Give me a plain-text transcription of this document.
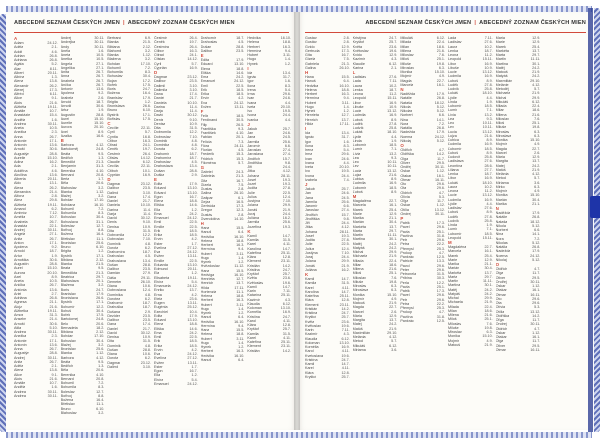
ABECEDNÍ SEZNAM ČESKÝCH JMEN | ABECEDNÝ ZOZNAM ČESKÝCH MIEN
A
Adam	24.12.
Adéla	2.1.
Adolf	4.6.
Adrian	26.8.
Adriana	26.8.
Agáta	5.2.
Alan	8.11.
Albert	20.11.
Albína	1.3.
Alena	13.8.
Alexandr	26.2.
Alexej	17.3.
Alfréd	6.11.
Alice	9.1.
Alois	21.6.
Alžběta	19.11.
Amálie	10.7.
Anastázie	15.4.
Anděla	1.6.
Andrea	30.11.
Aneta	10.5.
Anežka	2.3.
Anna	26.7.
Antonie	17.1.
Antonín	13.6.
Arnošt	30.6.
Augustýn	28.8.
Aurelie	15.10.
Adina	16.2.
Ada	2.1.
Adolfína	4.6.
Akvilina	13.6.
Alberta	20.11.
Aldo	13.1.
Alexa	26.2.
Alexandra	21.4.
Alfonz	2.8.
Alma	29.8.
Alžbeta	19.11.
Amand	6.2.
Ambróz	7.12.
Amélia	10.7.
Anabela	26.7.
Anastáz	22.1.
Andrej	30.11.
Angela	27.1.
Anita	26.7.
Anton	17.1.
Apolena	9.2.
Arnold	18.7.
Artur	1.9.
Arnoštka	30.6.
Augustín	28.8.
Aurel	15.10.
Aurora	20.10.
Axel	8.9.
Aneta	10.5.
Anička	26.7.
Antónia	13.6.
Ariel	2.7.
Adriána	26.8.
Agnesa	21.1.
Alojz	21.6.
Alžbetka	19.11.
Amos	31.3.
Anselm	21.4.
Arnošt	30.6.
Atila	5.10.
Andrea	30.11.
Anežka	2.3.
Antonie	17.1.
Antonín	13.6.
Anna	26.7.
Augustýn	28.8.
Andrej	30.11.
Anita	26.7.
Adéla	2.1.
Alena	13.8.
Alice	9.1.
Alois	21.6.
Amálie	10.7.
Anděla	1.6.
Andrea	30.11.
Andrea	30.11.
Andrej	30.11.
Andrejka	30.11.
Andy	30.11.
Anéla	1.6.
Aneta	10.5.
Anetka	10.5.
Angela	27.1.
Angelika	27.1.
Anita	26.7.
Anna	26.7.
Anabela	26.7.
Ančka	26.7.
Antonín	13.6.
Apolena	9.2.
Arabela	2.6.
Arnold	18.7.
Arnošt	30.6.
Artur	1.9.
Augustín	28.8.
Aurel	15.10.
Aurelie	15.10.
Aurora	20.10.
Axel	8.9.
Azalka	16.6.
B
Barbora	4.12.
Bartoloměj	24.8.
Beáta	9.5.
Bedřich	1.3.
Benedikt	21.3.
Benjamín	31.3.
Berenika	4.10.
Bernard	20.8.
Berta	1.7.
Běla	20.6.
Blahoslav	3.2.
Blanka	1.12.
Blažej	3.2.
Bohdan	17.10.
Bohdana	16.10.
Bohumil	7.2.
Bohumila	8.3.
Bohuslav	30.4.
Bohuslava	31.1.
Boleslav	12.7.
Bořivoj	8.8.
Božena	16.4.
Břetislav	11.1.
Bronislav	25.6.
Bruno	6.10.
Brigita	1.2.
Bystrík	17.1.
Bibiána	2.12.
Bianka	21.5.
Beata	9.5.
Benedikta	21.3.
Beatrica	29.7.
Blahoslava	20.1.
Blažena	3.2.
Boris	24.7.
Branislav	17.9.
Bronislava	26.6.
Bystrík	17.1.
Bohumír	12.2.
Bohuš	30.4.
Bořek	17.5.
Bartolomej	24.8.
Belo	20.6.
Bernadeta	18.2.
Bibiána	2.12.
Bohdan	17.10.
Bohuslav	30.4.
Blažej	3.2.
Bronislav	25.6.
Blanka	1.12.
Barbora	4.12.
Beáta	9.5.
Bedřich	1.3.
Běla	20.6.
Berenika	4.10.
Bernard	20.8.
Bohumil	7.2.
Bohumila	8.3.
Boleslav	12.7.
Bořivoj	8.8.
Božena	16.4.
Břetislav	11.1.
Bruno	6.10.
Blahoslav	3.2.
Bertrand	6.9.
Bianka	21.5.
Bibiana	2.12.
Blahomil	3.2.
Blanka	1.12.
Blažena	3.2.
Bohdan	17.10.
Bohumil	7.2.
Bohumila	8.3.
Bohuslav	30.4.
Bojan	17.2.
Bořek	17.5.
Boris	24.7.
Božena	16.4.
Branislav	17.9.
Brigita	1.2.
Bronislava	26.6.
Bruno	6.10.
Bystrík	17.1.
Bořislav	17.5.
C
Cecílie	22.11.
Cyril	5.7.
Cyntia	16.8.
Ctibor	16.3.
Ctirad	24.1.
Čeněk	19.7.
Čestmír	26.4.
Ctislav	14.12.
Claudie	6.12.
Cecília	22.11.
Ctiboh	10.1.
Cyprián	16.9.
D
Dagmar	23.12.
Dalibor	23.5.
Dalimil	3.10.
Dana	17.4.
Daniel	21.7.
Daniela	10.10.
Darina	11.4.
Darja	11.4.
David	30.12.
Denis	9.10.
Denisa	10.9.
Dita	31.5.
Dobromila	12.2.
Dobroslav	7.10.
Dominik	4.8.
Dorota	6.2.
Drahomíra	18.7.
Drahoslav	4.5.
Drahoslava	13.4.
Dušan	28.8.
Dalibor	23.5.
Damián	27.9.
Dáša	29.11.
Demeter	26.10.
Diana	10.6.
Dobroslava	12.4.
Dominika	4.8.
Dorotea	6.2.
Drahomír	18.7.
Drahuška	18.7.
Dušana	2.9.
Dezider	23.5.
Dalibor	23.5.
Dana	17.4.
Daniel	21.7.
David	30.12.
Denisa	10.9.
Dita	31.5.
Dominik	4.8.
Dušan	28.8.
Diana	10.6.
Dorota	6.2.
Dagmar	23.12.
Dalimil	3.10.
Čestmír	26.4.
Čeněk	19.7.
Čestmíra	26.4.
Ctibor	16.3.
Ctirad	24.1.
Ctislav	14.12.
Cyril	5.7.
Cyprián	16.9.
D
Dagmar	23.12.
Dalibor	23.5.
Dalimil	3.10.
Dalimila	3.10.
Dana	17.4.
Daniel	21.7.
Daniela	10.10.
Darina	11.4.
Darja	11.4.
David	30.12.
Denis	9.10.
Denisa	10.9.
Dita	31.5.
Dobromila	12.2.
Dobroslav	7.10.
Dominik	4.8.
Dominika	4.8.
Dorota	6.2.
Drahomír	18.7.
Drahomíra	18.7.
Drahoslav	4.5.
Drahoslava	13.4.
Dušan	28.8.
Duška	2.9.
E
Edita	17.9.
Eduard	13.10.
Edvard	13.10.
Egon	16.7.
Elena	18.8.
Eliška	14.6.
Ella	1.2.
Ema	24.2.
Emanuel	24.12.
Emil	22.5.
Emílie	22.5.
Erik	18.5.
Erika	18.5.
Ervín	4.2.
Ester	1.7.
Evelína	27.12.
Eva	24.12.
Evžen	13.11.
Emílie	22.5.
Eduarda	13.10.
Edmund	20.11.
Ela	1.2.
Elisabeta	19.11.
Elvíra	5.4.
Emanuela	24.12.
Enriko	13.7.
Erna	4.2.
Etela	23.6.
Eugen	13.11.
Eugénia	25.12.
Ezechiel	10.4.
Edita	17.9.
Eduard	13.10.
Elena	18.8.
Eliška	14.6.
Ema	24.2.
Emil	22.5.
Erik	18.5.
Erika	18.5.
Ervín	4.2.
Eva	24.12.
Evelína	27.12.
Evžen	13.11.
Ester	1.7.
Egon	16.7.
Ella	1.2.
Elvíra	5.4.
Emanuel	24.12.
Drahomír	18.7.
Drahoslav	4.5.
Dušan	28.8.
Dalibor	23.5.
E
Edita	17.9.
Eduard	13.10.
Elena	18.8.
Eliška	14.6.
Ema	24.2.
Emanuel	24.12.
Emil	22.5.
Erik	18.5.
Erika	18.5.
Ervín	4.2.
Eva	24.12.
Evžen	13.11.
F
Felix	18.5.
Ferdinand	30.5.
Filip	26.5.
Františka	9.3.
František	4.10.
Fabián	20.1.
Felícia	7.3.
Flóra	24.11.
Florián	4.5.
Frederik	15.3.
Fridrich	15.3.
Filoména	5.7.
G
Gabriel	24.3.
Gabriela	21.3.
Gita	16.7.
Gizela	7.5.
Gustav	2.8.
Galina	26.10.
Gašpar	6.1.
Gejza	16.5.
Gertrúda	17.3.
Gregor	12.3.
Gustáv	2.8.
Gvendolína	14.10.
H
Hana	15.5.
Hanuš	6.4.
Hedvika	16.10.
Helena	18.8.
Herbert	16.3.
Hermína	9.4.
Hubert	3.11.
Hugo	1.4.
Hynek	1.2.
Hvězdoslav	11.12.
Hana	15.5.
Hedviga	16.10.
Henrieta	12.7.
Henrich	13.7.
Hilda	17.11.
Hortenzia	11.1.
Helena	18.8.
Herbert	16.3.
Hubert	3.11.
Hugo	1.4.
Hynek	1.2.
Hanuš	6.4.
Hedvika	16.10.
Hermína	9.4.
Hana	15.5.
Helena	18.8.
Hubert	3.11.
Hugo	1.4.
Hynek	1.2.
Herbert	16.3.
Hedvika	16.10.
Hanuš	6.4.
Hedvika	16.10.
Helena	18.8.
Herbert	16.3.
Hermína	9.4.
Hubert	3.11.
Hugo	1.4.
Hynek	1.2.
I
Ida	13.4.
Ignác	31.7.
Igor	1.6.
Ilona	8.3.
Irena	5.4.
Irma	29.6.
Ivan	24.6.
Ivana	4.4.
Iveta	20.10.
Ivo	19.5.
Ivona	24.4.
Ivanka	4.4.
J
Jakub	25.7.
Jan	24.6.
Jana	24.5.
Jarmila	25.6.
Jaromír	6.6.
Jaroslav	27.4.
Jaroslava	27.4.
Jindřich	15.7.
Jindřiška	9.8.
Jiří	24.4.
Jitka	4.12.
Johana	28.11.
Josef	19.3.
Jozef	19.3.
Judita	27.8.
Julie	22.5.
Julius	12.4.
Justýna	7.10.
Jolana	29.9.
Jonáš	21.9.
Juraj	24.4.
Juliána	16.2.
Jarmila	25.6.
Jozefína	19.3.
K
Kamil	14.7.
Kamila	31.5.
Karel	4.11.
Karolína	14.7.
Kateřina	25.11.
Klára	12.8.
Klement	23.11.
Kristián	14.2.
Kristina	24.7.
Kryštof	25.7.
Květa	23.6.
Květoslav	19.6.
Kamil	14.7.
Karin	7.11.
Katarína	25.11.
Kazimír	4.3.
Klaudia	6.12.
Koloman	13.10.
Kornélia	16.9.
Kristína	24.7.
Karol	4.11.
Klára	12.8.
Kryštof	25.7.
Kamila	31.5.
Karel	4.11.
Kateřina	25.11.
Klement	23.11.
Kristián	14.2.
ABECEDNÍ SEZNAM ČESKÝCH JMEN | ABECEDNÝ ZOZNAM ČESKÝCH MIEN
Gustav	2.8.
Gustáv	2.8.
Gvido	12.9.
Gertruda	17.3.
Gita	16.7.
Gizela	7.5.
Gabriela	21.3.
Galina	26.10.
H
Hana	15.5.
Hanuš	6.4.
Hedvika	16.10.
Helena	18.8.
Herbert	16.3.
Hermína	9.4.
Hubert	3.11.
Hugo	1.4.
Hynek	1.2.
Henrieta	12.7.
Henrich	13.7.
Hilda	17.11.
I
Ida	13.4.
Ignác	31.7.
Igor	1.6.
Ilona	8.3.
Irena	5.4.
Irma	29.6.
Ivan	24.6.
Ivana	4.4.
Iveta	20.10.
Ivo	19.5.
Ivona	24.4.
Izabela	7.4.
J
Jakub	25.7.
Jan	24.6.
Jana	24.5.
Jarmila	25.6.
Jaromír	6.6.
Jaroslav	27.4.
Jindřich	15.7.
Jindřiška	9.8.
Jiří	24.4.
Jitka	4.12.
Johana	28.11.
Josef	19.3.
Judita	27.8.
Julie	22.5.
Julius	12.4.
Justýna	7.10.
Juraj	24.4.
Jolana	29.9.
Jonáš	21.9.
Juliána	16.2.
K
Kamil	14.7.
Kamila	31.5.
Karel	4.11.
Karolína	14.7.
Kateřina	25.11.
Klára	12.8.
Klement	23.11.
Kristián	14.2.
Kristina	24.7.
Kryštof	25.7.
Květa	23.6.
Květoslav	19.6.
Karin	7.11.
Kazimír	4.3.
Klaudia	6.12.
Koloman	13.10.
Kornélia	16.9.
Karol	4.11.
Kvetoslava	19.6.
Kristína	24.7.
Kamil	14.7.
Karel	4.11.
Klára	12.8.
Kryštof	25.7.
Kristýna	24.7.
Kryštof	25.7.
Květa	23.6.
Květoslav	19.6.
Kvido	12.9.
Kazimír	4.3.
Klaudie	6.12.
Karina	2.1.
L
Ladislav	27.6.
Lada	7.11.
Laura	10.2.
Lenka	18.7.
Leona	11.2.
Leopold	15.11.
Libor	16.9.
Libuše	10.9.
Lucie	13.12.
Ludmila	16.9.
Luboš	8.9.
Luděk	27.8.
Ludvík	25.8.
Lukáš	18.10.
Lýdie	4.4.
Linda	1.9.
Lubomír	18.5.
Lumír	7.1.
Lívia	13.2.
Lea	9.3.
Leo	10.11.
Lev	10.11.
Lucia	13.12.
Lujza	21.6.
Ľubica	8.9.
Ľudmila	16.9.
Ľubomír	18.5.
Ľuboš	8.9.
M
Magdaléna	22.7.
Marcela	16.1.
Marek	25.4.
Marie	12.9.
Marika	21.1.
Marián	30.4.
Markéta	13.7.
Marta	29.7.
Martin	11.11.
Martina	30.1.
Matěj	24.2.
Matyáš	24.2.
Michal	29.9.
Michaela	21.9.
Milada	22.4.
Milan	18.6.
Milena	21.6.
Miloš	25.1.
Miloslav	7.6.
Miluše	19.8.
Miroslav	6.3.
Miroslava	6.3.
Monika	15.10.
Mojmír	4.9.
Matouš	21.9.
Magda	22.7.
Marcel	2.6.
Mária	12.9.
Margita	13.7.
Matej	24.2.
Matúš	21.9.
Maximilián	29.10.
Melánia	4.12.
Metod	5.7.
Mikuláš	6.12.
Miriama	3.6.
Mikuláš	6.12.
Milada	22.4.
Milan	18.6.
Milena	21.6.
Miloslav	7.6.
Miloš	25.1.
Miluše	19.8.
Miroslav	6.3.
Monika	15.10.
Mojmír	4.9.
Magda	22.7.
Marcela	16.1.
N
Naděžda	17.9.
Natálie	26.8.
Nataša	18.12.
Nikola	5.12.
Nikolas	5.12.
Norbert	6.6.
Nina	14.1.
Nora	7.2.
Natália	26.8.
Nadežda	17.9.
Noema	24.12.
Nikolaj	5.12.
O
Oldřich	4.7.
Oldřiška	14.2.
Olga	11.7.
Oliver	29.5.
Ondřej	30.11.
Oskar	1.12.
Otakar	16.1.
Otmar	16.11.
Oto	29.6.
Ota	29.6.
Oldrich	4.7.
Olívia	5.3.
Oľga	11.7.
Oskar	1.12.
Otília	13.12.
Ondrej	30.11.
P
Patrik	17.3.
Pavel	29.6.
Pavla	25.1.
Pavlína	31.8.
Petr	29.6.
Petra	22.2.
Přemysl	25.3.
Prokop	4.7.
Pankrác	12.5.
Patricie	13.3.
Pavol	29.6.
Peter	29.6.
Petronela	31.5.
Pribina	30.3.
Perla	12.2.
Pavla	25.1.
Patrik	17.3.
Pavel	29.6.
Petr	29.6.
Petra	22.2.
Přemysl	25.3.
Prokop	4.7.
Pavlína	31.8.
Pankrác	12.5.
Lada	7.11.
Ladislav	27.6.
Laura	10.2.
Lenka	18.7.
Leona	11.2.
Leopold	15.11.
Libor	16.9.
Libuše	10.9.
Lucie	13.12.
Ludmila	16.9.
Luboš	8.9.
Luděk	27.8.
Ludvík	25.8.
Lukáš	18.10.
Lýdie	4.4.
Linda	1.9.
Lubomír	18.5.
Lumír	7.1.
Lívia	13.2.
Lea	9.3.
Leo	10.11.
Lev	10.11.
Lucia	13.12.
Lujza	21.6.
Ľubica	8.9.
Ľudmila	16.9.
Ľubomír	18.5.
Ľuboš	8.9.
Ľudovít	25.8.
Ladislava	27.6.
Leontína	28.6.
Liliana	27.7.
Lenka	18.7.
Libor	16.9.
Lukáš	18.10.
Laura	10.2.
Leona	11.2.
Lucie	13.12.
Ludmila	16.9.
Lýdie	4.4.
Ladislav	27.6.
Luboš	8.9.
Luděk	27.8.
Ludvík	25.8.
Linda	1.9.
Lumír	7.1.
Lubomír	18.5.
Leopold	15.11.
M
Magdaléna	22.7.
Marcela	16.1.
Marek	25.4.
Marie	12.9.
Marika	21.1.
Marián	30.4.
Markéta	13.7.
Marta	29.7.
Martin	11.11.
Martina	30.1.
Matěj	24.2.
Matyáš	24.2.
Michal	29.9.
Michaela	21.9.
Milada	22.4.
Milan	18.6.
Milena	21.6.
Miloš	25.1.
Miloslav	7.6.
Miluše	19.8.
Miroslav	6.3.
Monika	15.10.
Mojmír	4.9.
Matouš	21.9.
Maria	12.9.
Marie	12.9.
Marek	25.4.
Markéta	13.7.
Marta	29.7.
Martin	11.11.
Martina	30.1.
Matěj	24.2.
Matouš	21.9.
Matyáš	24.2.
Maxmilián	29.10.
Melánie	4.12.
Metoděj	5.7.
Michaela	21.9.
Michal	29.9.
Mikuláš	6.12.
Milada	22.4.
Milan	18.6.
Milena	21.6.
Miloslav	7.6.
Miloš	25.1.
Miluše	19.8.
Miroslav	6.3.
Miroslava	6.3.
Monika	15.10.
Mojmír	4.9.
Magda	22.7.
Marcel	2.6.
Mária	12.9.
Margita	13.7.
Matej	24.2.
Matúš	21.9.
Melánia	4.12.
Metod	5.7.
Miriama	3.6.
Mirko	6.3.
Mojmír	4.9.
Monika	15.10.
Marián	30.4.
Marika	21.1.
N
Naděžda	17.9.
Natálie	26.8.
Nataša	18.12.
Nikola	5.12.
Norbert	6.6.
Nina	14.1.
Nora	7.2.
Nikolas	5.12.
Natália	26.8.
Nadežda	17.9.
Noema	24.12.
Nikolaj	5.12.
O
Oldřich	4.7.
Olga	11.7.
Oliver	29.5.
Ondřej	30.11.
Oskar	1.12.
Otakar	16.1.
Otmar	16.11.
Oto	29.6.
Ota	29.6.
Olívia	5.3.
Otília	13.12.
Oldřiška	14.2.
Oľga	11.7.
Ondrej	30.11.
Oldrich	4.7.
Oskar	1.12.
Otakar	16.1.
Olga	11.7.
Oliver	29.5.
Otmar	16.11.
